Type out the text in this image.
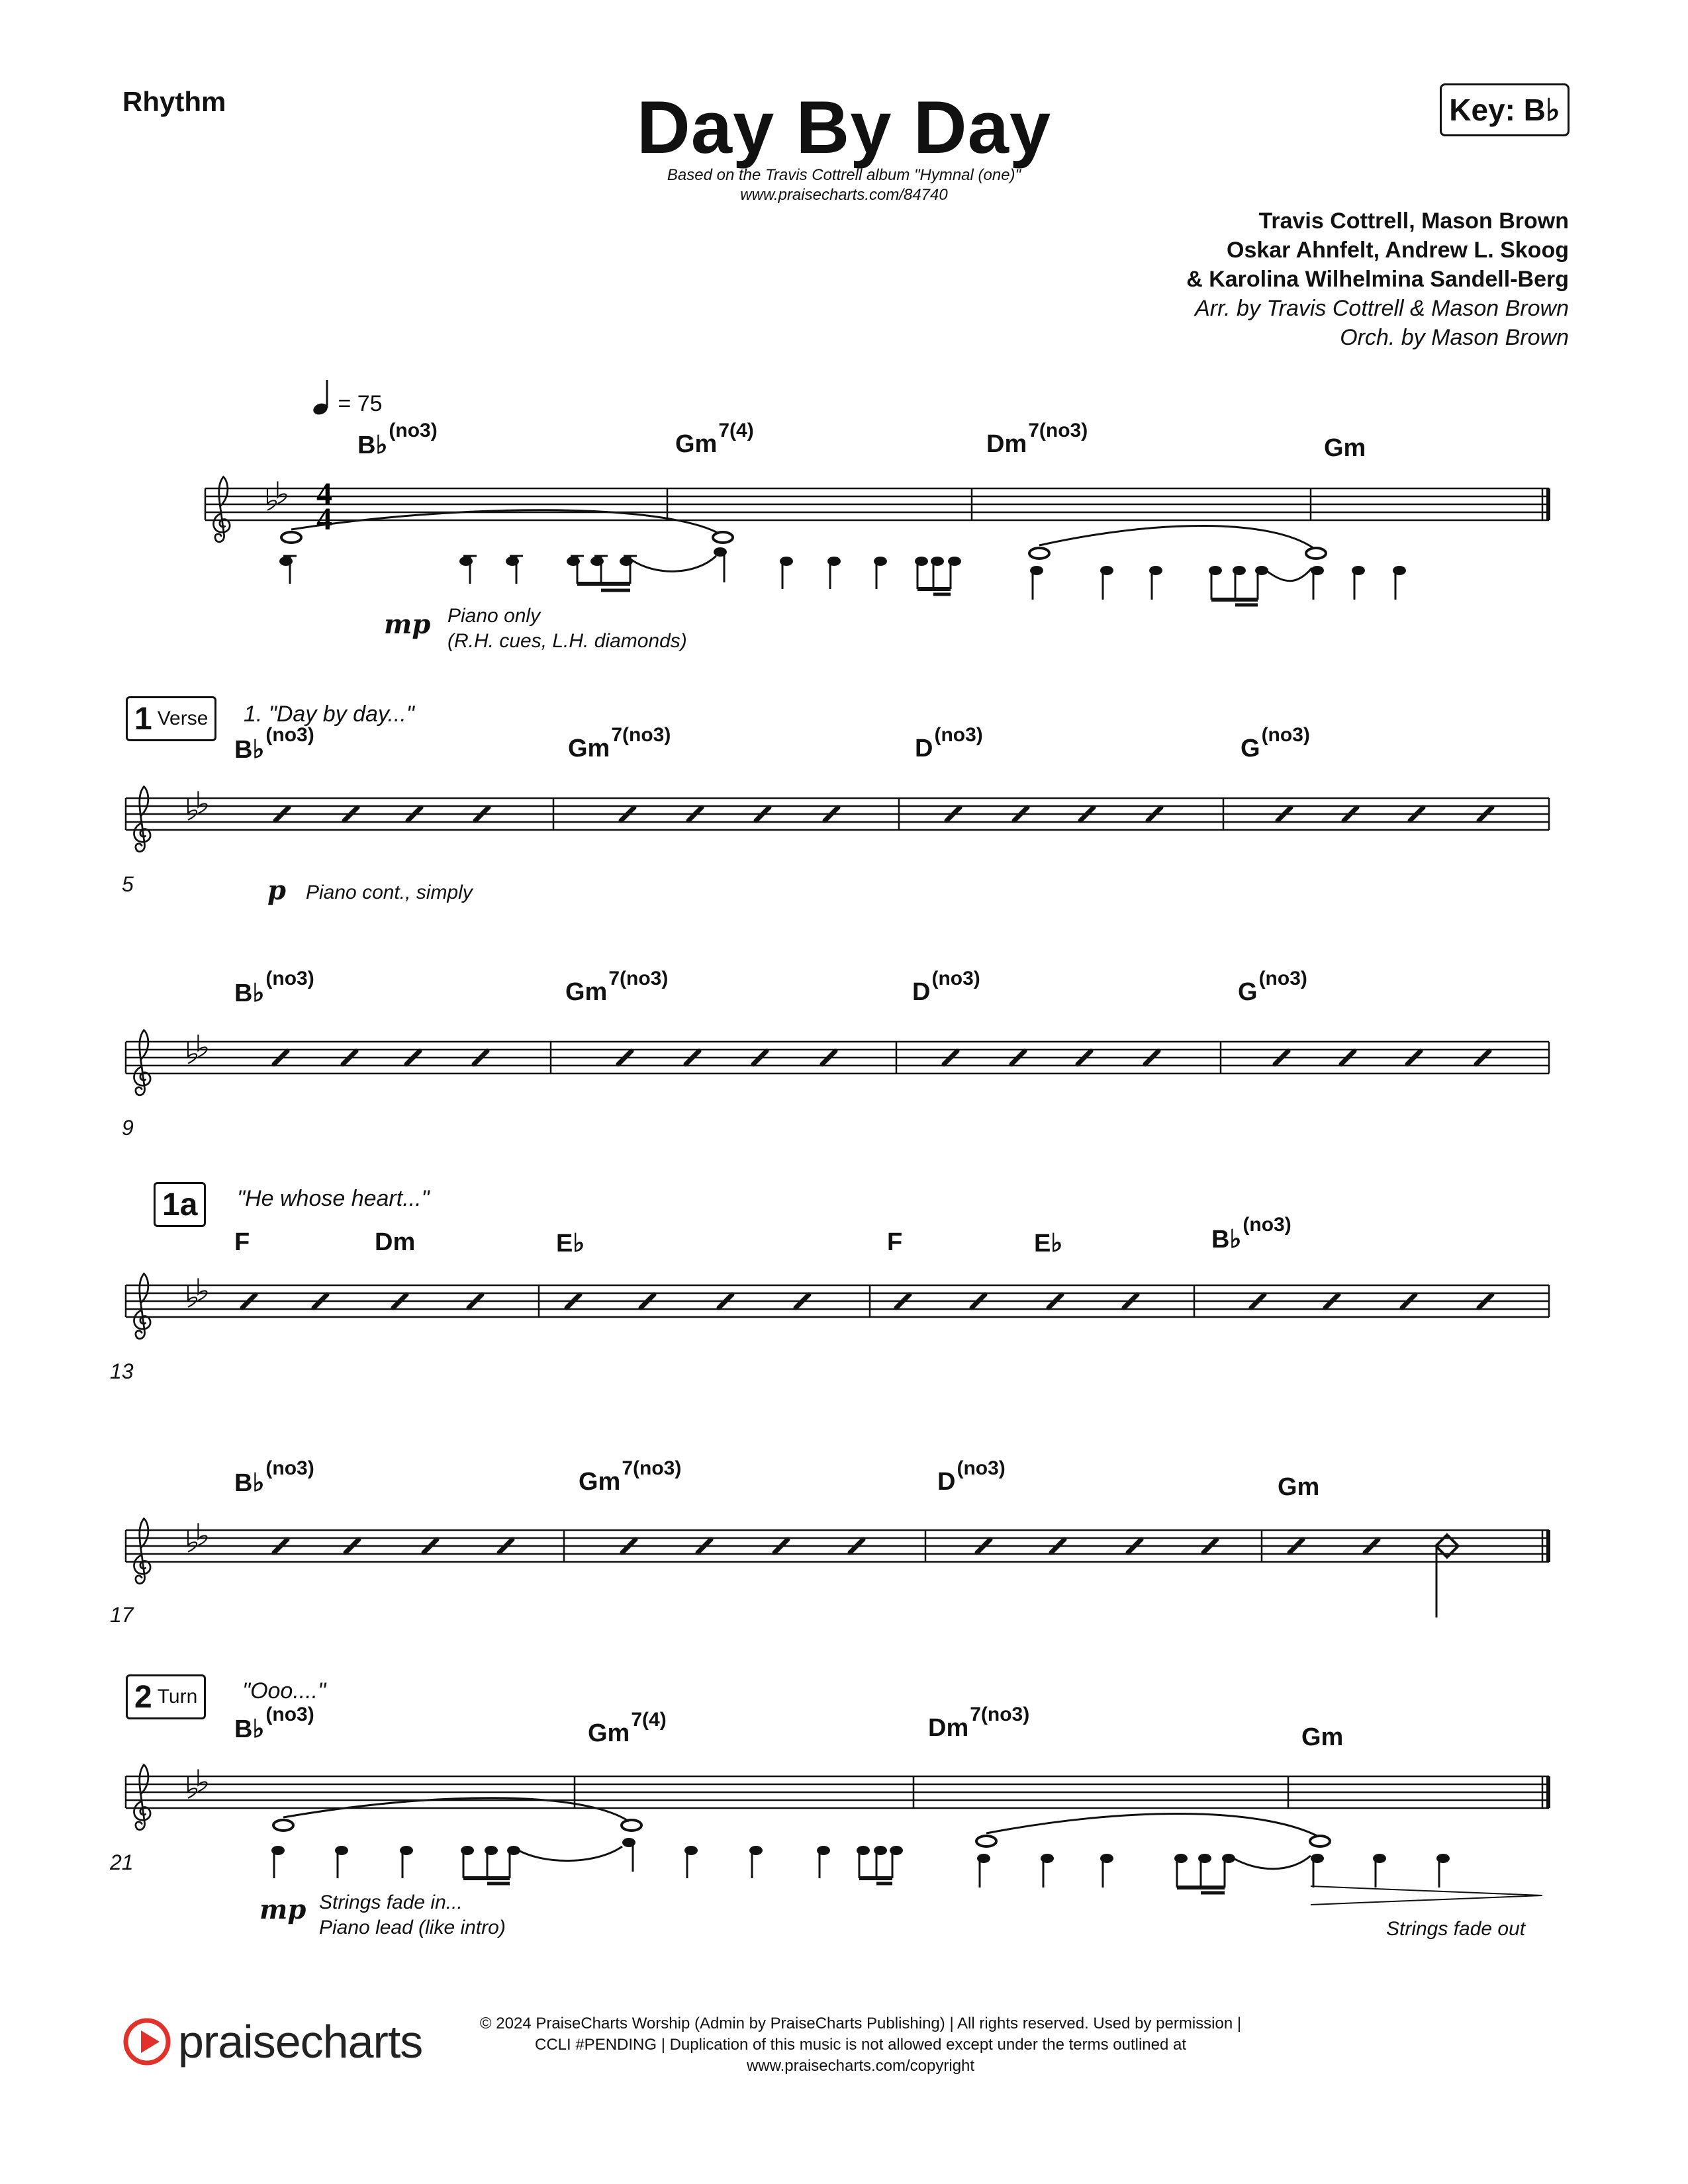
Rhythm	Day By Day
Based on the Travis Cottrell album "Hymnal (one)"
www.praisecharts.com/84740
Key: B♭
Travis Cottrell, Mason Brown
Oskar Ahnfelt, Andrew L. Skoog
& Karolina Wilhelmina Sandell-Berg
Arr. by Travis Cottrell & Mason Brown
Orch. by Mason Brown
= 75
4
4
B♭$^{(no3)}$	$Gm^{7(4)}$	$Dm^{7(no3)}$
Gm
mp Piano only
(R.H. cues, L.H. diamonds)
1 Verse 1. "Day by day..."
B♭$^{(no3)}$	$Gm^{7(no3)}$	$D^{(no3)}$	$G^{(no3)}$
5	p Piano cont., simply
B♭$^{(no3)}$	$Gm^{7(no3)}$	$D^{(no3)}$	$G^{(no3)}$
9
1a "He whose heart..."
F	Dm	E♭	F	E♭	B♭$^{(no3)}$
13
B♭$^{(no3)}$	$Gm^{7(no3)}$	$D^{(no3)}$
Gm
17
2 Turn "Ooo...."
B♭$^{(no3)}$
$Gm^{7(4)}$	$Dm^{7(no3)}$
Gm
21
mp Strings fade in...
Piano lead (like intro)	Strings fade out
praisecharts	© 2024 PraiseCharts Worship (Admin by PraiseCharts Publishing) | All rights reserved. Used by permission |
CCLI #PENDING | Duplication of this music is not allowed except under the terms outlined at
www.praisecharts.com/copyright
